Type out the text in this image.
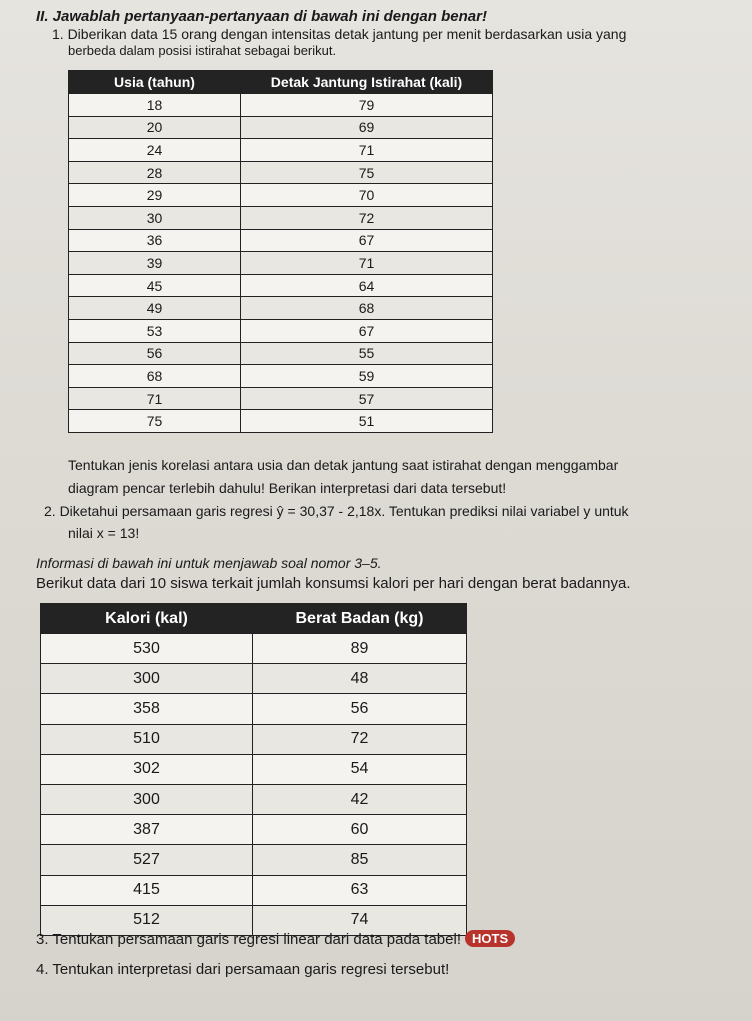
II. Jawablah pertanyaan-pertanyaan di bawah ini dengan benar!
1. Diberikan data 15 orang dengan intensitas detak jantung per menit berdasarkan usia yang
berbeda dalam posisi istirahat sebagai berikut.
Usia (tahun)	Detak Jantung Istirahat (kali)
18	79
20	69
24	71
28	75
29	70
30	72
36	67
39	71
45	64
49	68
53	67
56	55
68	59
71	57
75	51
Tentukan jenis korelasi antara usia dan detak jantung saat istirahat dengan menggambar
diagram pencar terlebih dahulu! Berikan interpretasi dari data tersebut!
2. Diketahui persamaan garis regresi ŷ = 30,37 - 2,18x. Tentukan prediksi nilai variabel y untuk
nilai x = 13!
Informasi di bawah ini untuk menjawab soal nomor 3–5.
Berikut data dari 10 siswa terkait jumlah konsumsi kalori per hari dengan berat badannya.
Kalori (kal)	Berat Badan (kg)
530	89
300	48
358	56
510	72
302	54
300	42
387	60
527	85
415	63
512	74
3. Tentukan persamaan garis regresi linear dari data pada tabel! HOTS
4. Tentukan interpretasi dari persamaan garis regresi tersebut!
